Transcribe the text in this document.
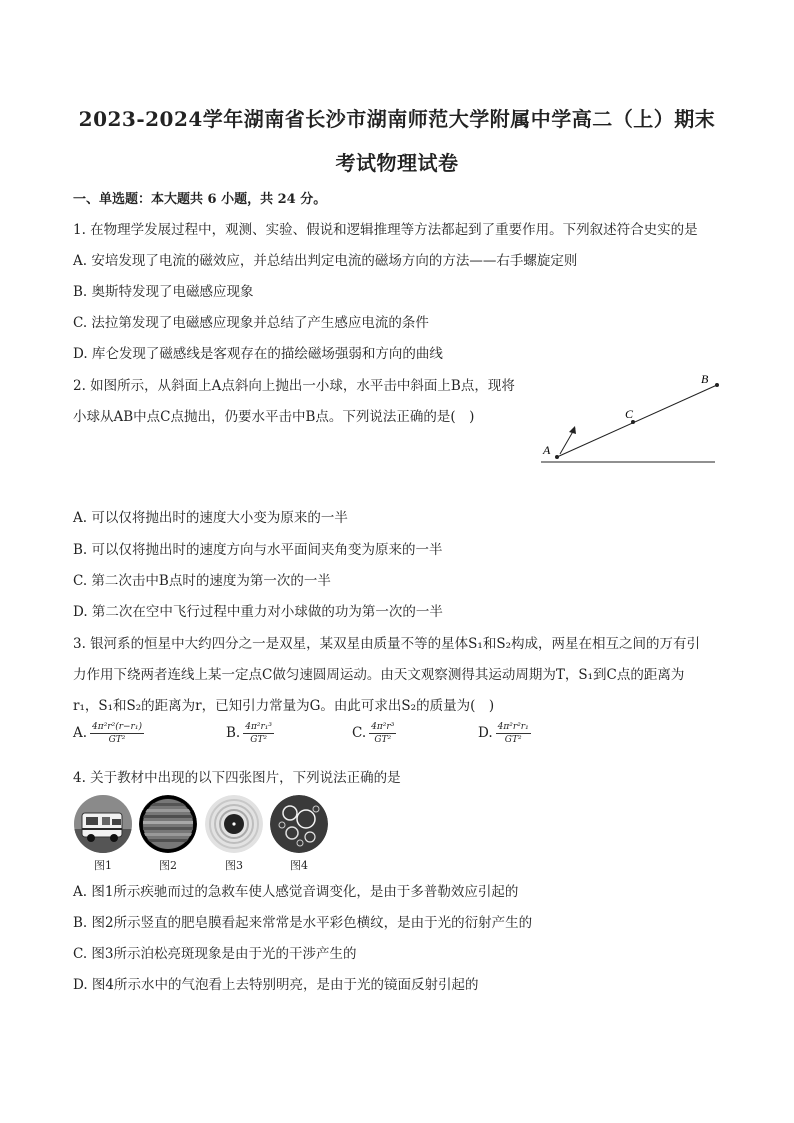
2023-2024学年湖南省长沙市湖南师范大学附属中学高二（上）期末
考试物理试卷
一、单选题：本大题共 6 小题，共 24 分。
1. 在物理学发展过程中，观测、实验、假说和逻辑推理等方法都起到了重要作用。下列叙述符合史实的是
A. 安培发现了电流的磁效应，并总结出判定电流的磁场方向的方法——右手螺旋定则
B. 奥斯特发现了电磁感应现象
C. 法拉第发现了电磁感应现象并总结了产生感应电流的条件
D. 库仑发现了磁感线是客观存在的描绘磁场强弱和方向的曲线
2. 如图所示，从斜面上A点斜向上抛出一小球，水平击中斜面上B点，现将
小球从AB中点C点抛出，仍要水平击中B点。下列说法正确的是(　)
A
C
B
A. 可以仅将抛出时的速度大小变为原来的一半
B. 可以仅将抛出时的速度方向与水平面间夹角变为原来的一半
C. 第二次击中B点时的速度为第一次的一半
D. 第二次在空中飞行过程中重力对小球做的功为第一次的一半
3. 银河系的恒星中大约四分之一是双星，某双星由质量不等的星体S₁和S₂构成，两星在相互之间的万有引
力作用下绕两者连线上某一定点C做匀速圆周运动。由天文观察测得其运动周期为T，S₁到C点的距离为
r₁，S₁和S₂的距离为r，已知引力常量为G。由此可求出S₂的质量为(　)
A. $\frac{\text{4π²r²(r−r₁)}}{\text{GT²}}$	B. $\frac{\text{4π²r₁³}}{\text{GT²}}$	C. $\frac{\text{4π²r³}}{\text{GT²}}$	D. $\frac{\text{4π²r²r₁}}{\text{GT²}}$
4. 关于教材中出现的以下四张图片，下列说法正确的是
图1	图2	图3	图4
A. 图1所示疾驰而过的急救车使人感觉音调变化，是由于多普勒效应引起的
B. 图2所示竖直的肥皂膜看起来常常是水平彩色横纹，是由于光的衍射产生的
C. 图3所示泊松亮斑现象是由于光的干涉产生的
D. 图4所示水中的气泡看上去特别明亮，是由于光的镜面反射引起的
